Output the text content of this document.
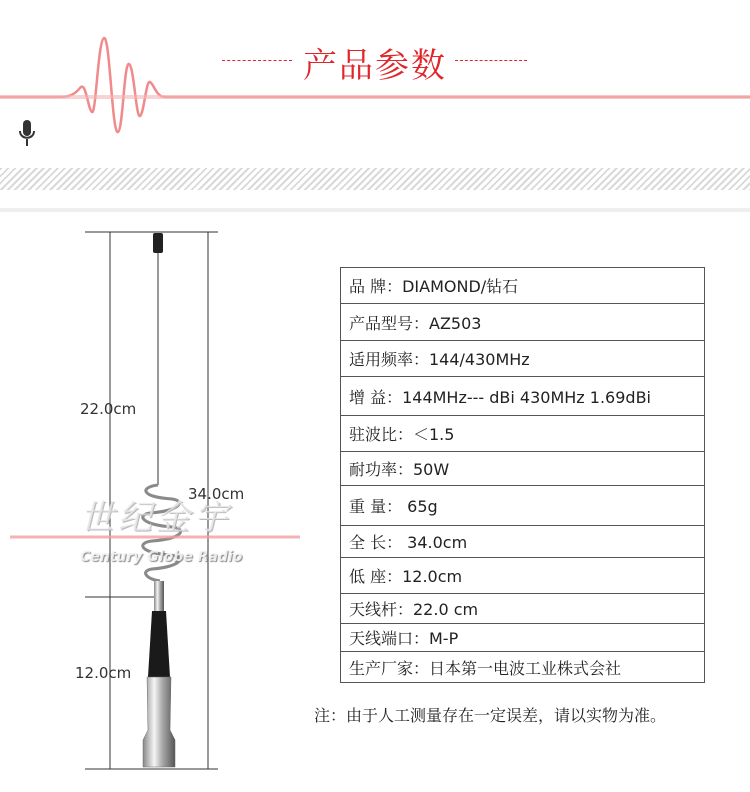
产品参数
世纪金宇
Century Globe Radio
22.0cm
34.0cm
12.0cm
品 牌：DIAMOND/钻石
产品型号：AZ503
适用频率：144/430MHz
增 益：144MHz--- dBi 430MHz 1.69dBi
驻波比：＜1.5
耐功率：50W
重 量： 65g
全 长： 34.0cm
低 座：12.0cm
天线杆：22.0 cm
天线端口：M-P
生产厂家：日本第一电波工业株式会社
注：由于人工测量存在一定误差，请以实物为准。
